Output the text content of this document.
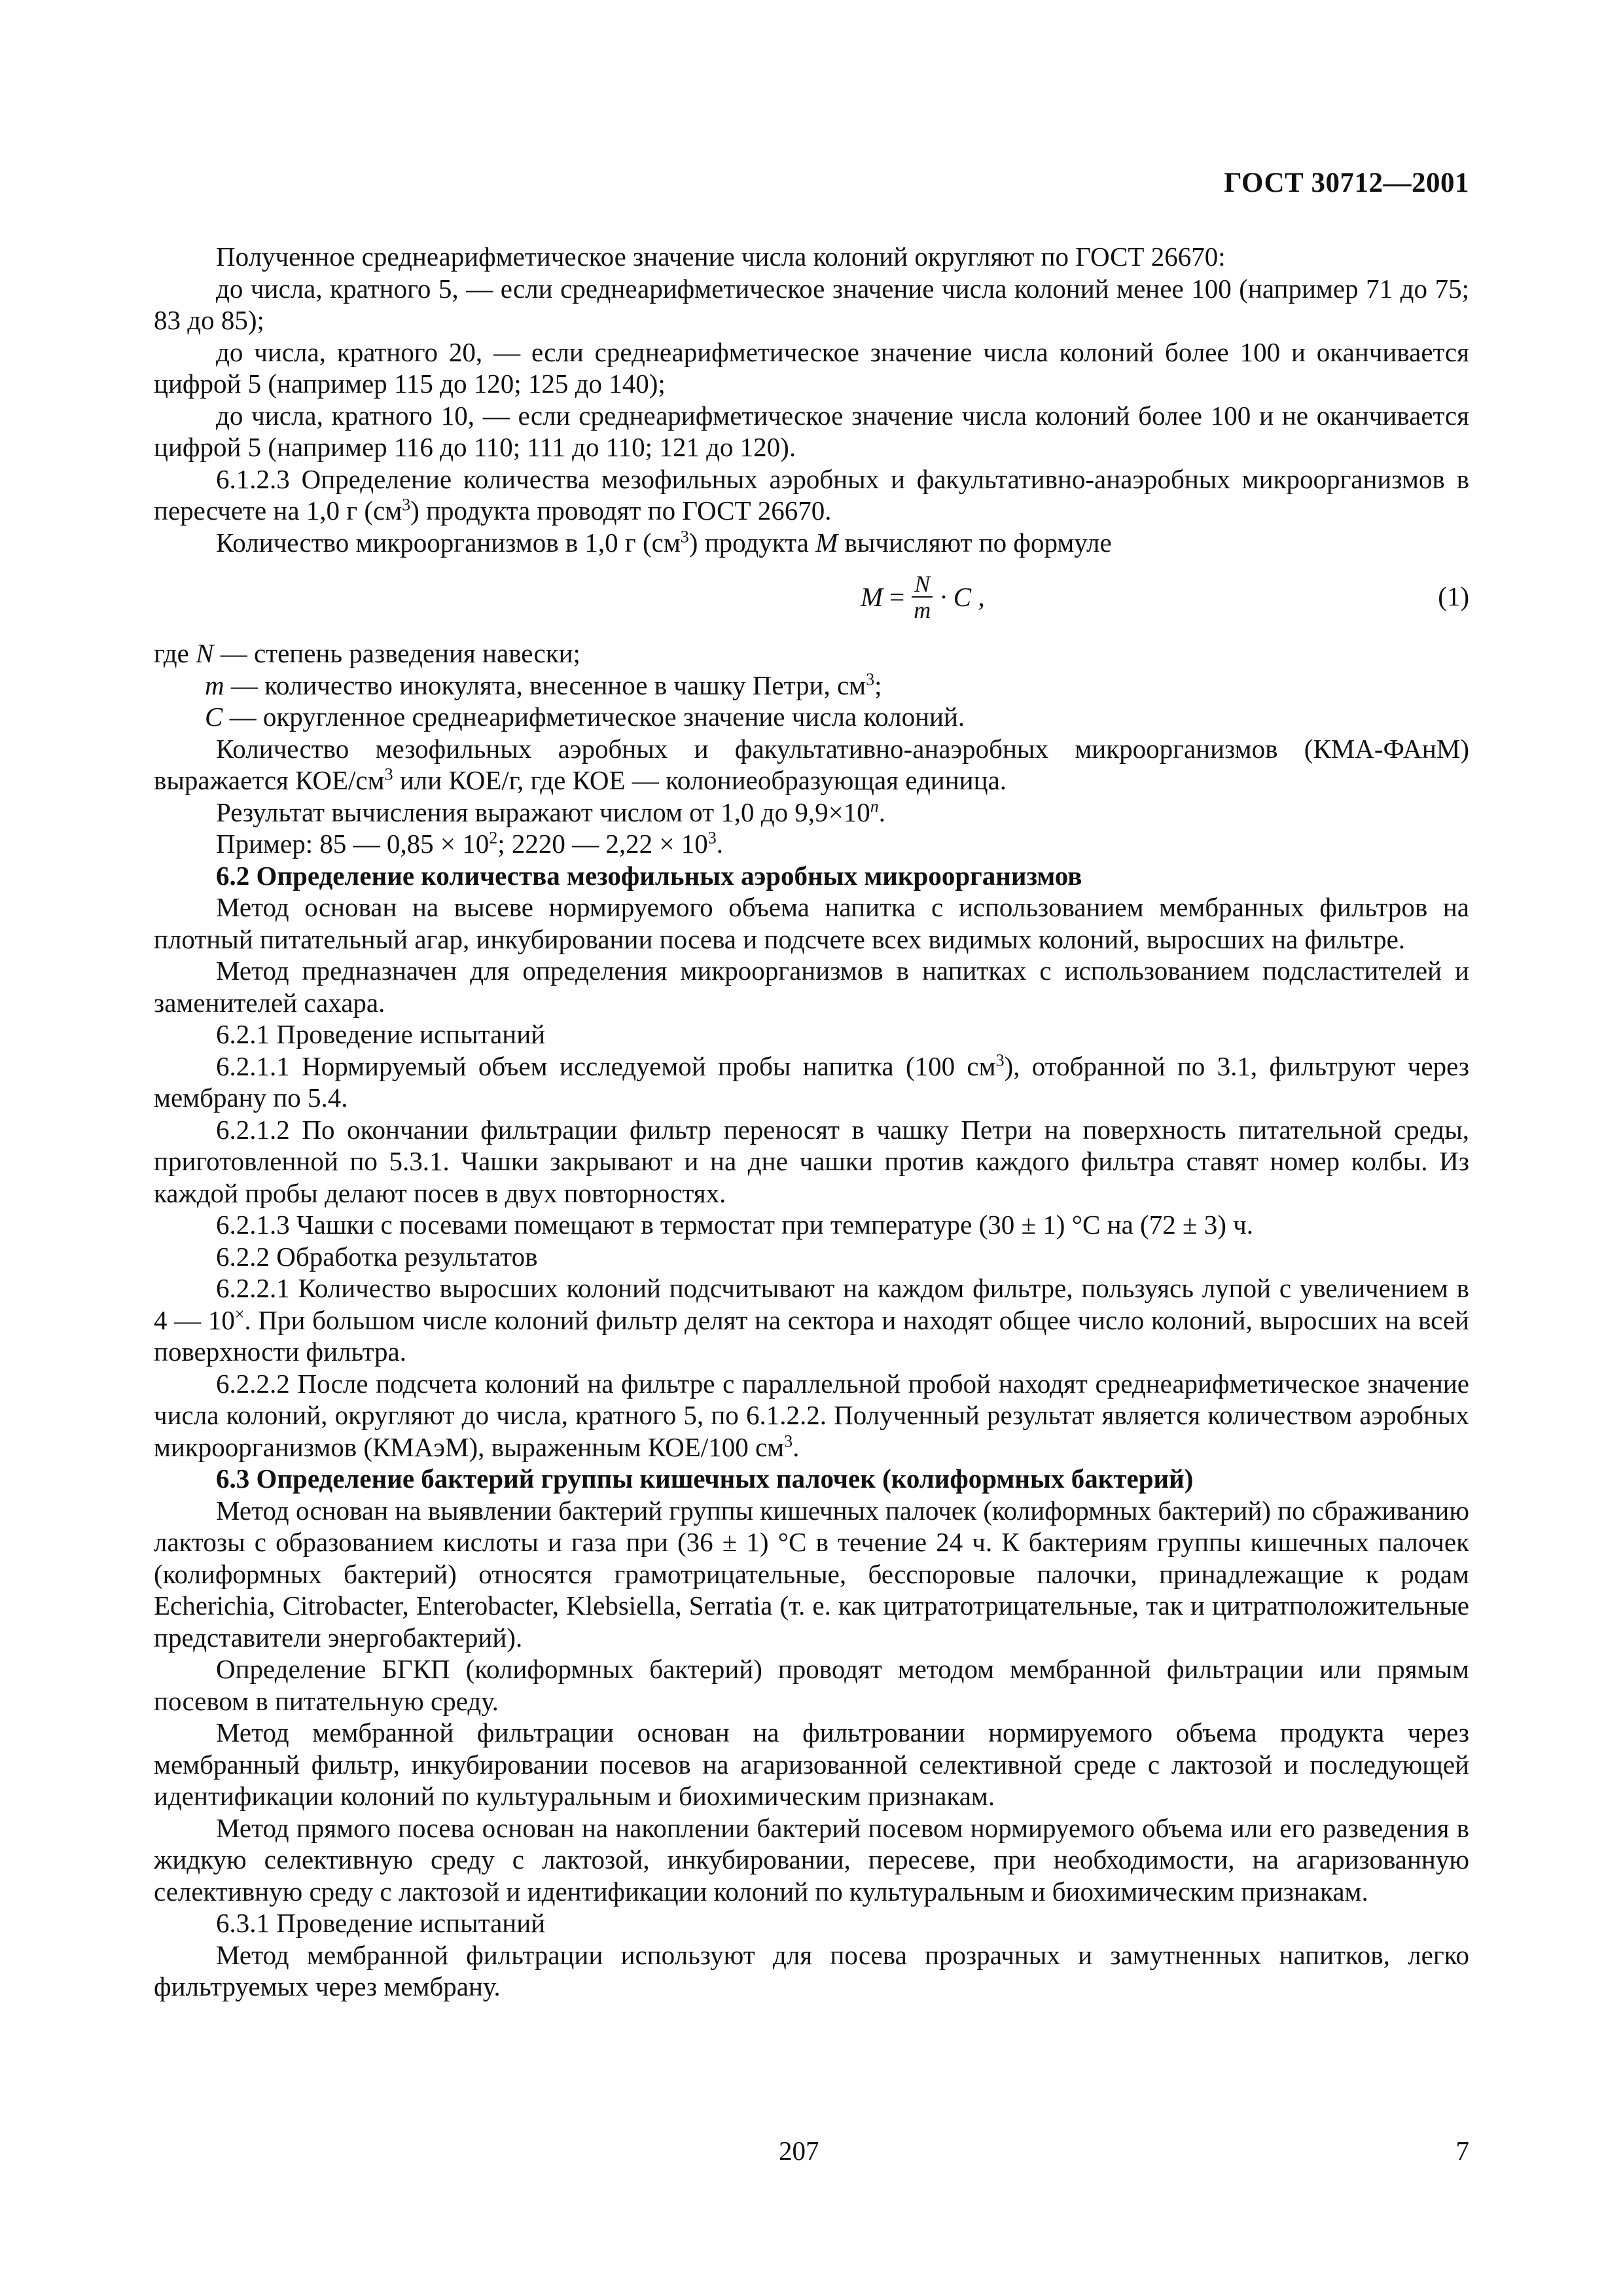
ГОСТ 30712—2001

Полученное среднеарифметическое значение числа колоний округляют по ГОСТ 26670:

до числа, кратного 5, — если среднеарифметическое значение числа колоний менее 100 (например 71 до 75; 83 до 85);

до числа, кратного 20, — если среднеарифметическое значение числа колоний более 100 и оканчивается цифрой 5 (например 115 до 120; 125 до 140);

до числа, кратного 10, — если среднеарифметическое значение числа колоний более 100 и не оканчивается цифрой 5 (например 116 до 110; 111 до 110; 121 до 120).

6.1.2.3 Определение количества мезофильных аэробных и факультативно-анаэробных микроорганизмов в пересчете на 1,0 г $(см^3)$ продукта проводят по ГОСТ 26670.

Количество микроорганизмов в 1,0 г $(см^3)$ продукта M вычисляют по формуле

$M = \frac{N}{m} \cdot C$ ,	(1)

где N — степень разведения навески;

m — количество инокулята, внесенное в чашку Петри, $см^3$;

C — округленное среднеарифметическое значение числа колоний.

Количество мезофильных аэробных и факультативно-анаэробных микроорганизмов (КМА-ФАнМ) выражается КОЕ/$см^3$ или КОЕ/г, где КОЕ — колониеобразующая единица.

Результат вычисления выражают числом от 1,0 до $9,9\times 10^n$.

Пример: 85 — $0,85 \times 10^2$; 2220 — $2,22 \times 10^3$.

6.2 Определение количества мезофильных аэробных микроорганизмов

Метод основан на высеве нормируемого объема напитка с использованием мембранных фильтров на плотный питательный агар, инкубировании посева и подсчете всех видимых колоний, выросших на фильтре.

Метод предназначен для определения микроорганизмов в напитках с использованием подсластителей и заменителей сахара.

6.2.1 Проведение испытаний

6.2.1.1 Нормируемый объем исследуемой пробы напитка (100 $см^3$), отобранной по 3.1, фильтруют через мембрану по 5.4.

6.2.1.2 По окончании фильтрации фильтр переносят в чашку Петри на поверхность питательной среды, приготовленной по 5.3.1. Чашки закрывают и на дне чашки против каждого фильтра ставят номер колбы. Из каждой пробы делают посев в двух повторностях.

6.2.1.3 Чашки с посевами помещают в термостат при температуре (30 ± 1) °С на (72 ± 3) ч.

6.2.2 Обработка результатов

6.2.2.1 Количество выросших колоний подсчитывают на каждом фильтре, пользуясь лупой с увеличением в 4 — 10×. При большом числе колоний фильтр делят на сектора и находят общее число колоний, выросших на всей поверхности фильтра.

6.2.2.2 После подсчета колоний на фильтре с параллельной пробой находят среднеарифметическое значение числа колоний, округляют до числа, кратного 5, по 6.1.2.2. Полученный результат является количеством аэробных микроорганизмов (КМАэМ), выраженным КОЕ/100 $см^3$.

6.3 Определение бактерий группы кишечных палочек (колиформных бактерий)

Метод основан на выявлении бактерий группы кишечных палочек (колиформных бактерий) по сбраживанию лактозы с образованием кислоты и газа при (36 ± 1) °С в течение 24 ч. К бактериям группы кишечных палочек (колиформных бактерий) относятся грамотрицательные, бесспоровые палочки, принадлежащие к родам Echerichia, Citrobacter, Enterobacter, Klebsiella, Serratia (т. е. как цитратотрицательные, так и цитратположительные представители энергобактерий).

Определение БГКП (колиформных бактерий) проводят методом мембранной фильтрации или прямым посевом в питательную среду.

Метод мембранной фильтрации основан на фильтровании нормируемого объема продукта через мембранный фильтр, инкубировании посевов на агаризованной селективной среде с лактозой и последующей идентификации колоний по культуральным и биохимическим признакам.

Метод прямого посева основан на накоплении бактерий посевом нормируемого объема или его разведения в жидкую селективную среду с лактозой, инкубировании, пересеве, при необходимости, на агаризованную селективную среду с лактозой и идентификации колоний по культуральным и биохимическим признакам.

6.3.1 Проведение испытаний

Метод мембранной фильтрации используют для посева прозрачных и замутненных напитков, легко фильтруемых через мембрану.

207	7
